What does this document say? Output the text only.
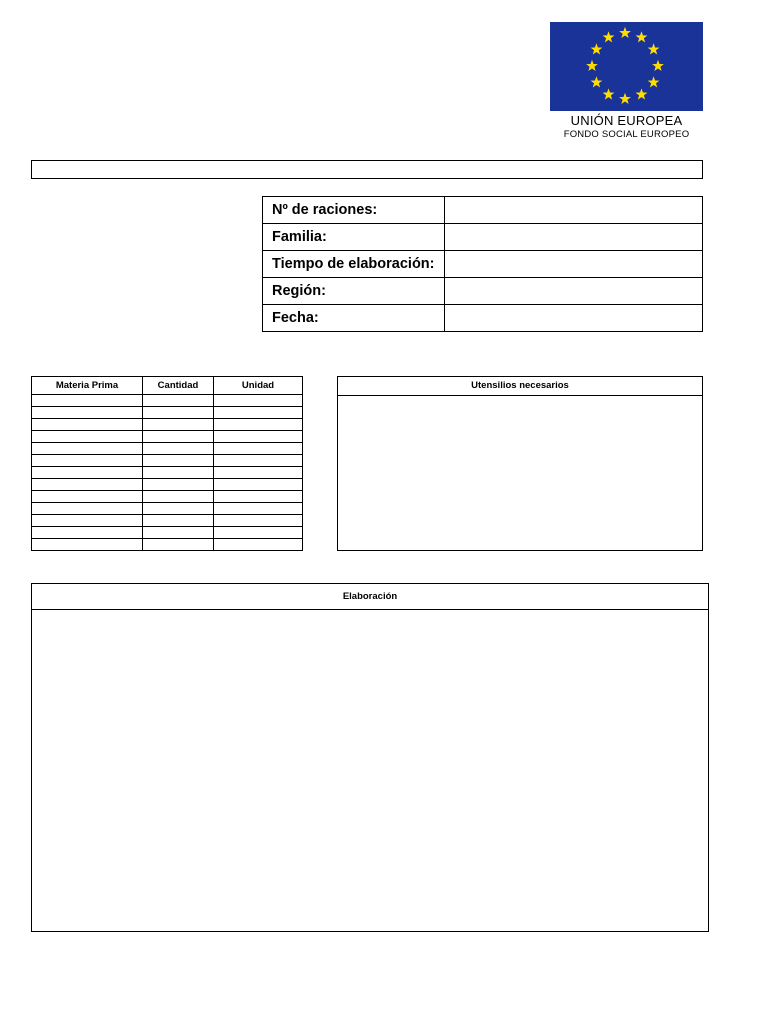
UNIÓN EUROPEA
FONDO SOCIAL EUROPEO
Nº de raciones:	
Familia:	
Tiempo de elaboración:	
Región:	
Fecha:	
Materia Prima	Cantidad	Unidad

			Utensilios necesarios
Elaboración
